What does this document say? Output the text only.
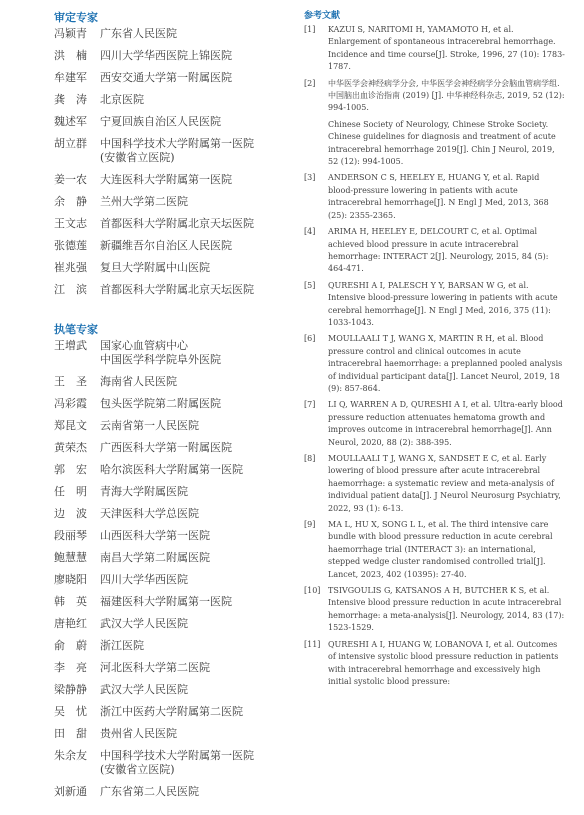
审定专家
冯颖青	广东省人民医院
洪　楠	四川大学华西医院上锦医院
牟建军	西安交通大学第一附属医院
龚　涛	北京医院
魏述军	宁夏回族自治区人民医院
胡立群	中国科学技术大学附属第一医院
(安徽省立医院)
姜一农	大连医科大学附属第一医院
余　静	兰州大学第二医院
王文志	首都医科大学附属北京天坛医院
张德莲	新疆维吾尔自治区人民医院
崔兆强	复旦大学附属中山医院
江　滨	首都医科大学附属北京天坛医院
执笔专家
王增武	国家心血管病中心
中国医学科学院阜外医院
王　圣	海南省人民医院
冯彩霞	包头医学院第二附属医院
郑昆文	云南省第一人民医院
黄荣杰	广西医科大学第一附属医院
郭　宏	哈尔滨医科大学附属第一医院
任　明	青海大学附属医院
边　波	天津医科大学总医院
段丽琴	山西医科大学第一医院
鲍慧慧	南昌大学第二附属医院
廖晓阳	四川大学华西医院
韩　英	福建医科大学附属第一医院
唐艳红	武汉大学人民医院
俞　蔚	浙江医院
李　亮	河北医科大学第二医院
梁静静	武汉大学人民医院
吴　忧	浙江中医药大学附属第二医院
田　甜	贵州省人民医院
朱余友	中国科学技术大学附属第一医院
(安徽省立医院)
刘新通	广东省第二人民医院
参考文献
[1]	KAZUI S, NARITOMI H, YAMAMOTO H, et al. Enlargement of spontaneous intracerebral hemorrhage. Incidence and time course[J]. Stroke, 1996, 27 (10): 1783-1787.
[2]	中华医学会神经病学分会, 中华医学会神经病学分会脑血管病学组. 中国脑出血诊治指南 (2019) [J]. 中华神经科杂志, 2019, 52 (12): 994-1005.
Chinese Society of Neurology, Chinese Stroke Society. Chinese guidelines for diagnosis and treatment of acute intracerebral hemorrhage 2019[J]. Chin J Neurol, 2019, 52 (12): 994-1005.
[3]	ANDERSON C S, HEELEY E, HUANG Y, et al. Rapid blood-pressure lowering in patients with acute intracerebral hemorrhage[J]. N Engl J Med, 2013, 368 (25): 2355-2365.
[4]	ARIMA H, HEELEY E, DELCOURT C, et al. Optimal achieved blood pressure in acute intracerebral hemorrhage: INTERACT 2[J]. Neurology, 2015, 84 (5): 464-471.
[5]	QURESHI A I, PALESCH Y Y, BARSAN W G, et al. Intensive blood-pressure lowering in patients with acute cerebral hemorrhage[J]. N Engl J Med, 2016, 375 (11): 1033-1043.
[6]	MOULLAALI T J, WANG X, MARTIN R H, et al. Blood pressure control and clinical outcomes in acute intracerebral haemorrhage: a preplanned pooled analysis of individual participant data[J]. Lancet Neurol, 2019, 18 (9): 857-864.
[7]	LI Q, WARREN A D, QURESHI A I, et al. Ultra-early blood pressure reduction attenuates hematoma growth and improves outcome in intracerebral hemorrhage[J]. Ann Neurol, 2020, 88 (2): 388-395.
[8]	MOULLAALI T J, WANG X, SANDSET E C, et al. Early lowering of blood pressure after acute intracerebral haemorrhage: a systematic review and meta-analysis of individual patient data[J]. J Neurol Neurosurg Psychiatry, 2022, 93 (1): 6-13.
[9]	MA L, HU X, SONG L L, et al. The third intensive care bundle with blood pressure reduction in acute cerebral haemorrhage trial (INTERACT 3): an international, stepped wedge cluster randomised controlled trial[J]. Lancet, 2023, 402 (10395): 27-40.
[10] TSIVGOULIS G, KATSANOS A H, BUTCHER K S, et al. Intensive blood pressure reduction in acute intracerebral hemorrhage: a meta-analysis[J]. Neurology, 2014, 83 (17): 1523-1529.
[11] QURESHI A I, HUANG W, LOBANOVA I, et al. Outcomes of intensive systolic blood pressure reduction in patients with intracerebral hemorrhage and excessively high initial systolic blood pressure:
